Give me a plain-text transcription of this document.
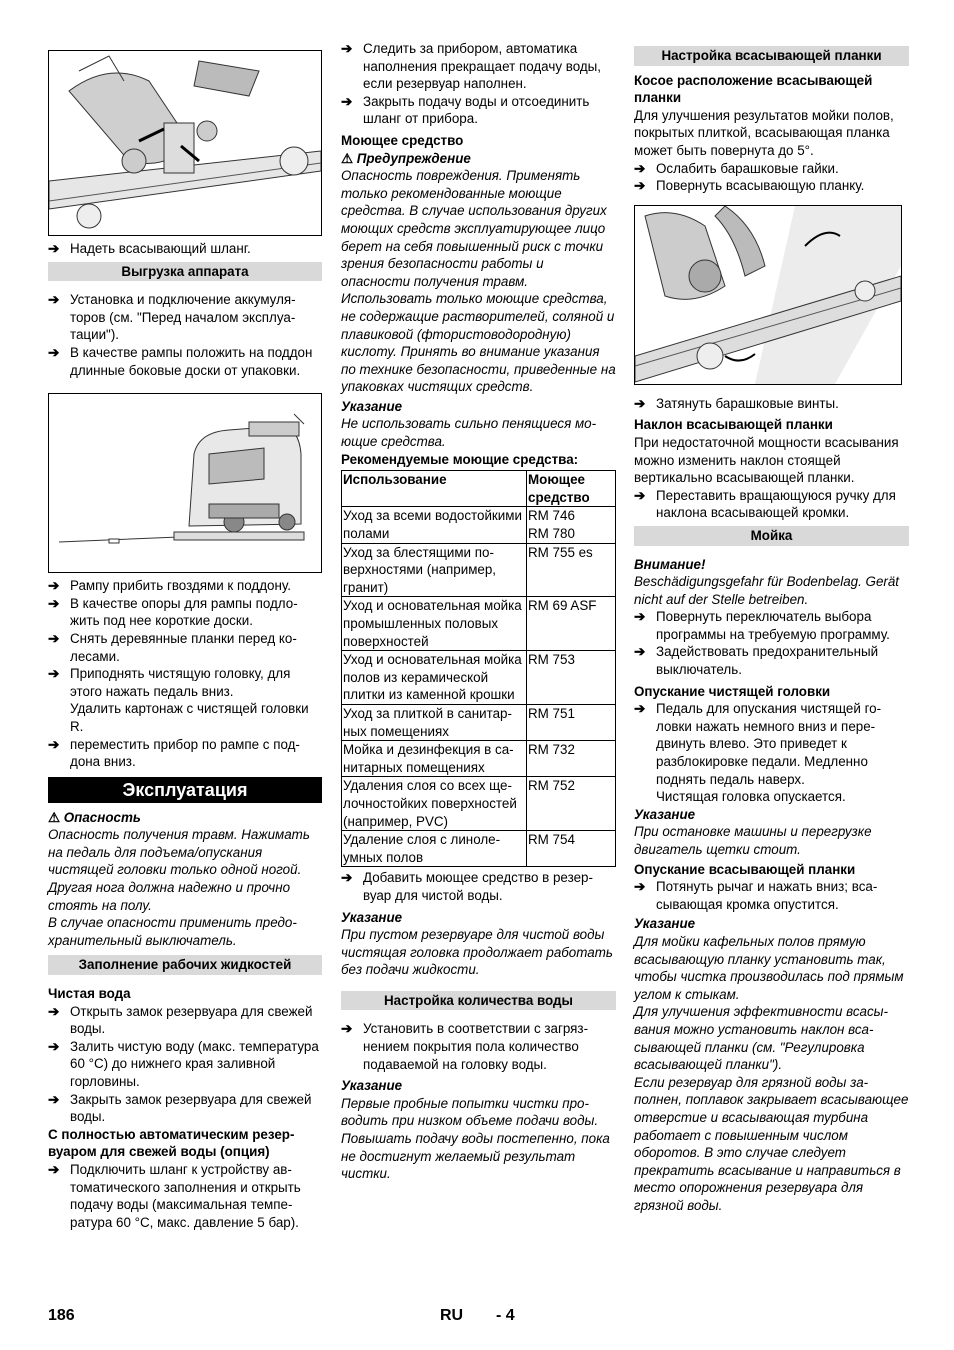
➔ Надеть всасывающий шланг.
Выгрузка аппарата
➔ Установка и подключение аккумуляторов (см. "Перед началом эксплуатации").
➔ В качестве рампы положить на поддон длинные боковые доски от упаковки.
➔ Рампу прибить гвоздями к поддону.
➔ В качестве опоры для рампы подложить под нее короткие доски.
➔ Снять деревянные планки перед колесами.
➔ Приподнять чистящую головку, для этого нажать педаль вниз.

Удалить картонаж с чистящей головки R.

➔ переместить прибор по рампе с поддона вниз.
Эксплуатация

⚠ Опасность

Опасность получения травм. Нажимать на педаль для подъема/опускания чистящей головки только одной ногой. Другая нога должна надежно и прочно стоять на полу.

В случае опасности применить предохранительный выключатель.

Заполнение рабочих жидкостей

Чистая вода

➔ Открыть замок резервуара для свежей воды.
➔ Залить чистую воду (макс. температура 60 °C) до нижнего края заливной горловины.
➔ Закрыть замок резервуара для свежей воды.

С полностью автоматическим резервуаром для свежей воды (опция)

➔ Подключить шланг к устройству автоматического заполнения и открыть подачу воды (максимальная температура 60 °C, макс. давление 5 бар).
➔ Следить за прибором, автоматика наполнения прекращает подачу воды, если резервуар наполнен.
➔ Закрыть подачу воды и отсоединить шланг от прибора.

Моющее средство

⚠ Предупреждение

Опасность повреждения. Применять только рекомендованные моющие средства. В случае использования других моющих средств эксплуатирующее лицо берет на себя повышенный риск с точки зрения безопасности работы и опасности получения травм. Использовать только моющие средства, не содержащие растворителей, соляной и плавиковой (фтористоводородную) кислоту. Принять во внимание указания по технике безопасности, приведенные на упаковках чистящих средств.

Указание

Не использовать сильно пенящиеся моющие средства.

Рекомендуемые моющие средства:

Использование	Моющее средство
Уход за всеми водостойкими полами	RM 746
RM 780
Уход за блестящими поверхностями (например, гранит)	RM 755 es
Уход и основательная мойка промышленных половых поверхностей	RM 69 ASF
Уход и основательная мойка полов из керамической плитки из каменной крошки	RM 753
Уход за плиткой в санитарных помещениях	RM 751
Мойка и дезинфекция в санитарных помещениях	RM 732
Удаления слоя со всех щелочностойких поверхностей (например, PVC)	RM 752
Удаление слоя с линолеумных полов	RM 754
➔ Добавить моющее средство в резервуар для чистой воды.

Указание

При пустом резервуаре для чистой воды чистящая головка продолжает работать без подачи жидкости.

Настройка количества воды
➔ Установить в соответствии с загрязнением покрытия пола количество подаваемой на головку воды.

Указание

Первые пробные попытки чистки проводить при низком объеме подачи воды. Повышать подачу воды постепенно, пока не достигнут желаемый результат чистки.

Настройка всасывающей планки

Косое расположение всасывающей планки

Для улучшения результатов мойки полов, покрытых плиткой, всасывающая планка может быть повернута до 5°.

➔ Ослабить барашковые гайки.
➔ Повернуть всасывающую планку.
➔ Затянуть барашковые винты.

Наклон всасывающей планки

При недостаточной мощности всасывания можно изменить наклон стоящей вертикально всасывающей планки.

➔ Переставить вращающуюся ручку для наклона всасывающей кромки.
Мойка

Внимание!

Beschädigungsgefahr für Bodenbelag. Gerät nicht auf der Stelle betreiben.

➔ Повернуть переключатель выбора программы на требуемую программу.
➔ Задействовать предохранительный выключатель.

Опускание чистящей головки

➔ Педаль для опускания чистящей головки нажать немного вниз и передвинуть влево. Это приведет к разблокировке педали. Медленно поднять педаль наверх.

Чистящая головка опускается.

Указание

При остановке машины и перегрузке двигатель щетки стоит.

Опускание всасывающей планки

➔ Потянуть рычаг и нажать вниз; всасывающая кромка опустится.

Указание

Для мойки кафельных полов прямую всасывающую планку установить так, чтобы чистка производилась под прямым углом к стыкам.

Для улучшения эффективности всасывания можно установить наклон всасывающей планки (см. "Регулировка всасывающей планки").

Если резервуар для грязной воды заполнен, поплавок закрывает всасывающее отверстие и всасывающая турбина работает с повышенным числом оборотов. В это случае следует прекратить всасывание и направиться в место опорожнения резервуара для грязной воды.

186	RU - 4
